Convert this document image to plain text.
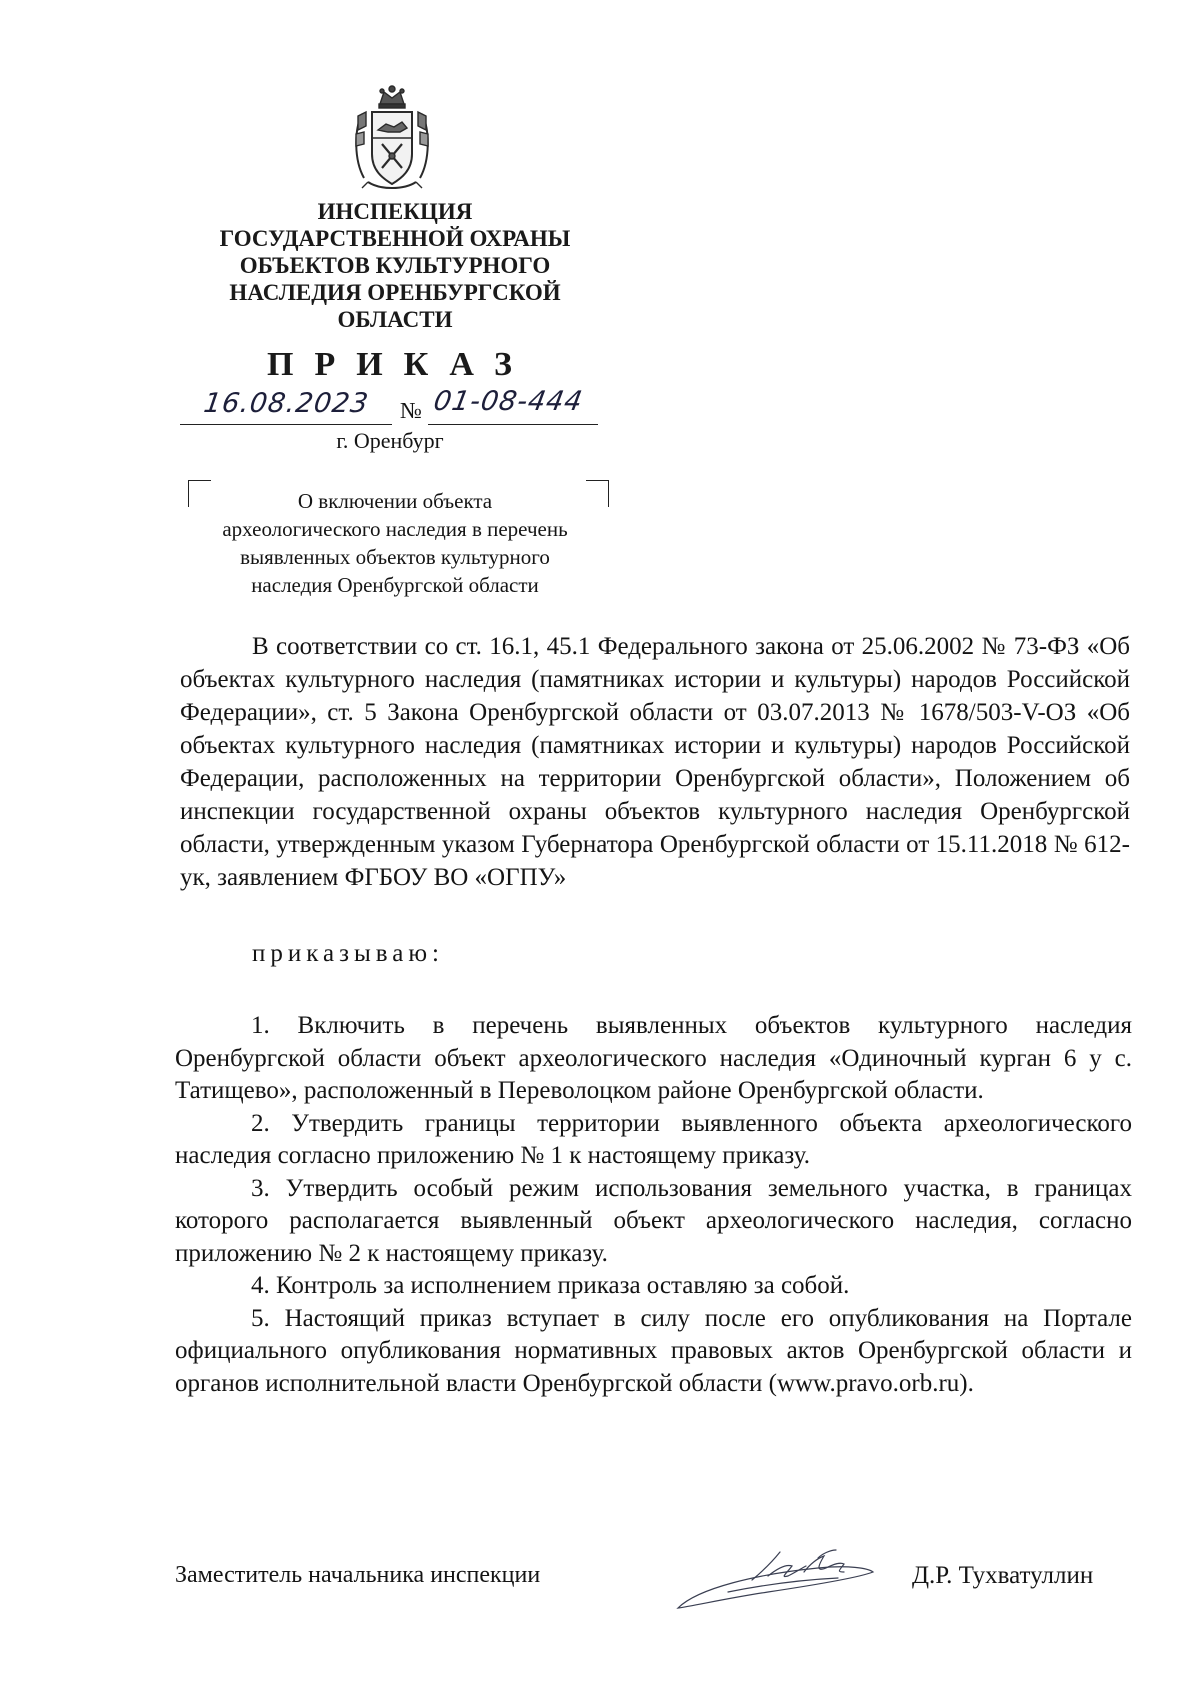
ИНСПЕКЦИЯ
ГОСУДАРСТВЕННОЙ ОХРАНЫ
ОБЪЕКТОВ КУЛЬТУРНОГО
НАСЛЕДИЯ ОРЕНБУРГСКОЙ
ОБЛАСТИ
ПРИКАЗ
16.08.2023	№ 01-08-444
г. Оренбург
О включении объекта
археологического наследия в перечень
выявленных объектов культурного
наследия Оренбургской области

В соответствии со ст. 16.1, 45.1 Федерального закона от 25.06.2002 № 73-ФЗ «Об объектах культурного наследия (памятниках истории и культуры) народов Российской Федерации», ст. 5 Закона Оренбургской области от 03.07.2013 № 1678/503-V-ОЗ «Об объектах культурного наследия (памятниках истории и культуры) народов Российской Федерации, расположенных на территории Оренбургской области», Положением об инспекции государственной охраны объектов культурного наследия Оренбургской области, утвержденным указом Губернатора Оренбургской области от 15.11.2018 № 612-ук, заявлением ФГБОУ ВО «ОГПУ»

приказываю:

1. Включить в перечень выявленных объектов культурного наследия Оренбургской области объект археологического наследия «Одиночный курган 6 у с. Татищево», расположенный в Переволоцком районе Оренбургской области.

2. Утвердить границы территории выявленного объекта археологического наследия согласно приложению № 1 к настоящему приказу.

3. Утвердить особый режим использования земельного участка, в границах которого располагается выявленный объект археологического наследия, согласно приложению № 2 к настоящему приказу.

4. Контроль за исполнением приказа оставляю за собой.

5. Настоящий приказ вступает в силу после его опубликования на Портале официального опубликования нормативных правовых актов Оренбургской области и органов исполнительной власти Оренбургской области (www.pravo.orb.ru).

Заместитель начальника инспекции	Д.Р. Тухватуллин
